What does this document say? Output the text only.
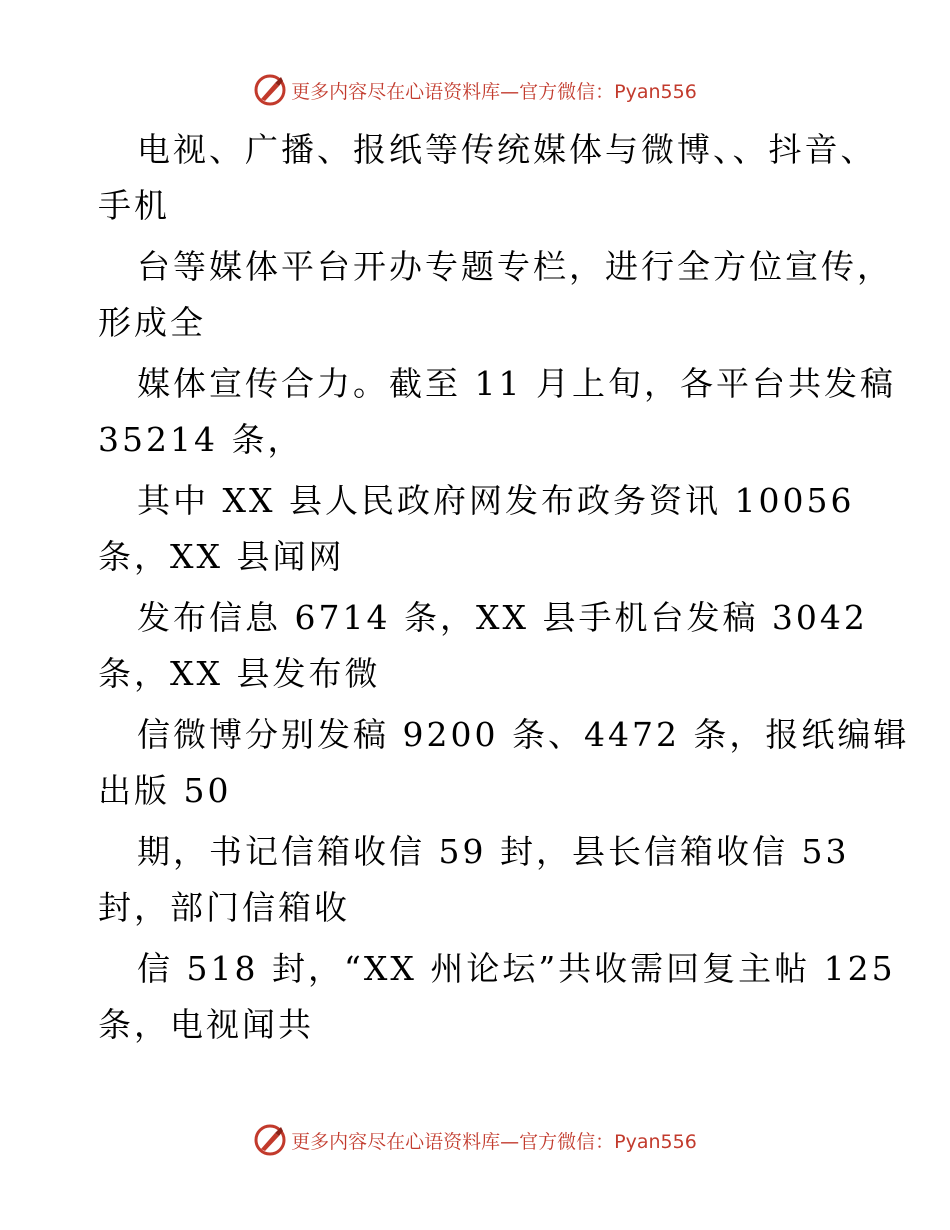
更多内容尽在心语资料库—官方微信：Pyan556
电视、广播、报纸等传统媒体与微博、、抖音、
手机
台等媒体平台开办专题专栏，进行全方位宣传，
形成全
媒体宣传合力。截至 11 月上旬，各平台共发稿
35214 条，
其中 XX 县人民政府网发布政务资讯 10056
条，XX 县闻网
发布信息 6714 条，XX 县手机台发稿 3042
条，XX 县发布微
信微博分别发稿 9200 条、4472 条，报纸编辑
出版 50
期，书记信箱收信 59 封，县长信箱收信 53
封，部门信箱收
信 518 封，“XX 州论坛”共收需回复主帖 125
条，电视闻共
更多内容尽在心语资料库—官方微信：Pyan556
